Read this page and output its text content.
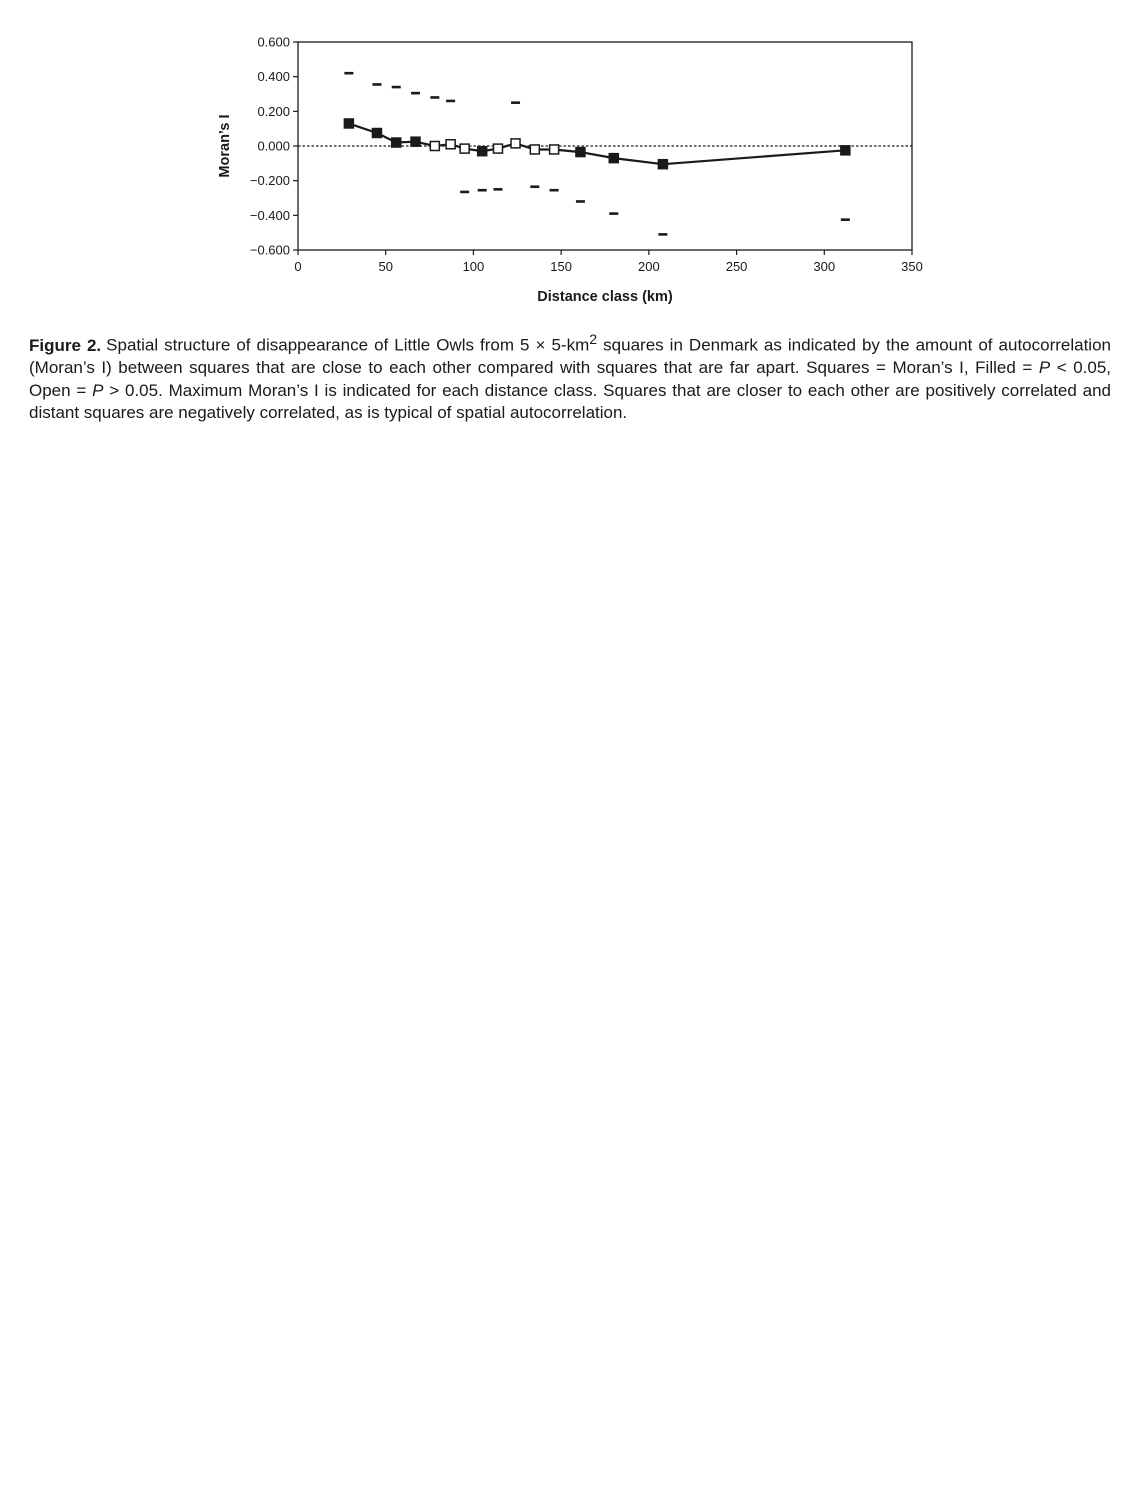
0	50	100	150	200	250	300	350
0.600
0.400
0.200
0.000
−0.200
−0.400
−0.600
Distance class (km)
Moran’s I

Figure 2. Spatial structure of disappearance of Little Owls from $5 \times 5-km^2$ squares in Denmark as indicated by the amount of autocorrelation (Moran’s I) between squares that are close to each other compared with squares that are far apart. Squares = Moran’s I, Filled = P < 0.05, Open = P > 0.05. Maximum Moran’s I is indicated for each distance class. Squares that are closer to each other are positively correlated and distant squares are negatively correlated, as is typical of spatial autocorrelation.
